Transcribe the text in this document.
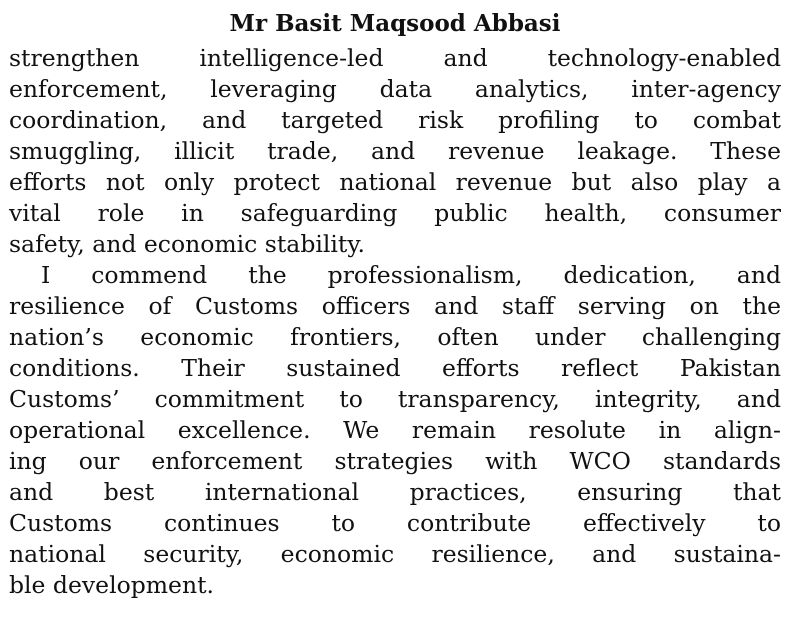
Mr Basit Maqsood Abbasi
strengthen intelligence-led and technology-enabled
enforcement, leveraging data analytics, inter-agency
coordination, and targeted risk profiling to combat
smuggling, illicit trade, and revenue leakage. These
efforts not only protect national revenue but also play a
vital role in safeguarding public health, consumer
safety, and economic stability.
I commend the professionalism, dedication, and
resilience of Customs officers and staff serving on the
nation’s economic frontiers, often under challenging
conditions. Their sustained efforts reflect Pakistan
Customs’ commitment to transparency, integrity, and
operational excellence. We remain resolute in align-
ing our enforcement strategies with WCO standards
and best international practices, ensuring that
Customs continues to contribute effectively to
national security, economic resilience, and sustaina-
ble development.
